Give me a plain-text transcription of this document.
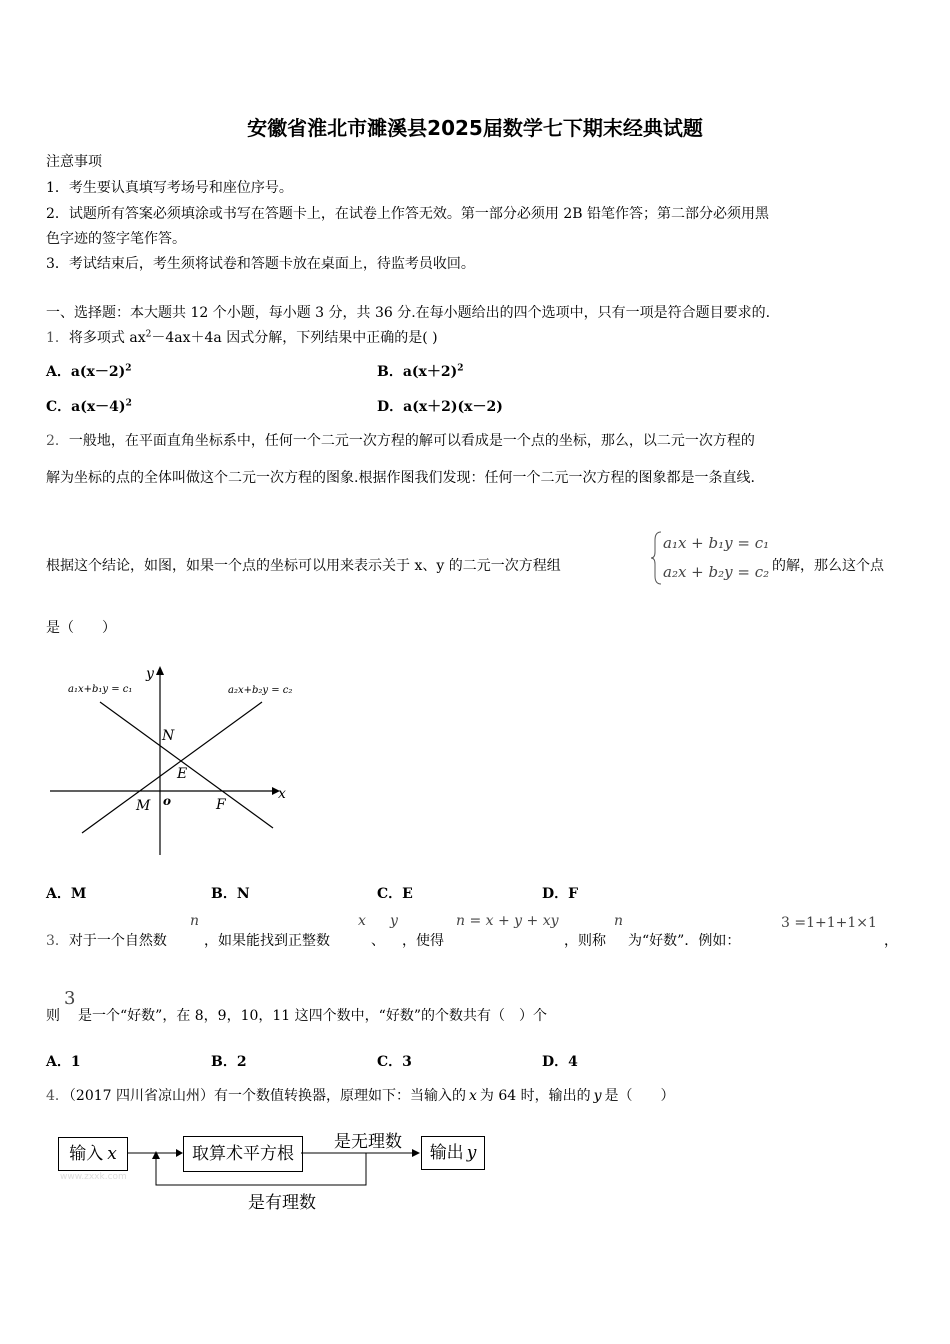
安徽省淮北市濉溪县2025届数学七下期末经典试题
注意事项
1．考生要认真填写考场号和座位序号。
2．试题所有答案必须填涂或书写在答题卡上，在试卷上作答无效。第一部分必须用 2B 铅笔作答；第二部分必须用黑
色字迹的签字笔作答。
3．考试结束后，考生须将试卷和答题卡放在桌面上，待监考员收回。
一、选择题：本大题共 12 个小题，每小题 3 分，共 36 分.在每小题给出的四个选项中，只有一项是符合题目要求的.
1．将多项式 $ax^2-4ax+4a$ 因式分解，下列结果中正确的是( )
A．$a(x-2)^2$	B．$a(x+2)^2$
C．$a(x-4)^2$	D．a(x＋2)(x－2)
2．一般地，在平面直角坐标系中，任何一个二元一次方程的解可以看成是一个点的坐标，那么，以二元一次方程的
解为坐标的点的全体叫做这个二元一次方程的图象.根据作图我们发现：任何一个二元一次方程的图象都是一条直线.
根据这个结论，如图，如果一个点的坐标可以用来表示关于 x、y 的二元一次方程组
a₁x + b₁y = c₁
a₂x + b₂y = c₂ 的解，那么这个点
是（　　）
a₁x+b₁y = c₁	a₂x+b₂y = c₂
y
x
o
N
E
M	F
A．M	B．N	C．E	D．F
3．对于一个自然数
n
，如果能找到正整数
x
、
y
，使得
n = x + y + xy
，则称
n
为“好数”．例如：
3 =1+1+1×1
，
则
3
是一个“好数”，在 8，9，10，11 这四个数中，“好数”的个数共有（　）个
A．1	B．2	C．3	D．4
4．（2017 四川省凉山州）有一个数值转换器，原理如下：当输入的 x 为 64 时，输出的 y 是（　　）
输入 x
www.zxxk.com
取算术平方根	输出 y
是无理数
是有理数
